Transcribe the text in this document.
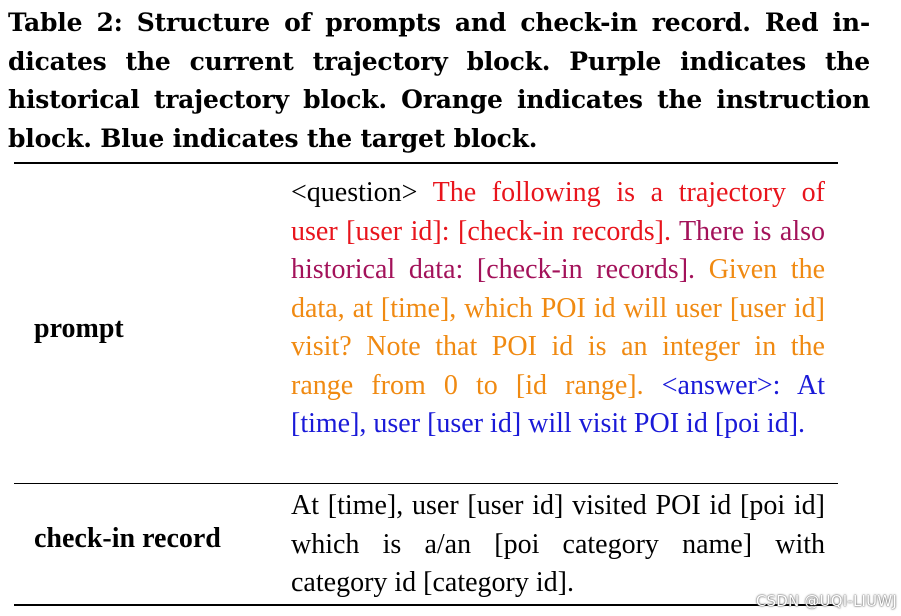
Table 2: Structure of prompts and check-in record. Red in-dicates the current trajectory block. Purple indicates the historical trajectory block. Orange indicates the instruction block. Blue indicates the target block.
prompt
<question> The following is a trajectory of user [user id]: [check-in records]. There is also historical data: [check-in records]. Given the data, at [time], which POI id will user [user id] visit? Note that POI id is an integer in the range from 0 to [id range]. <answer>: At [time], user [user id] will visit POI id [poi id].
check-in record
At [time], user [user id] visited POI id [poi id] which is a/an [poi category name] with category id [category id].
CSDN @UQI-LIUWJ
